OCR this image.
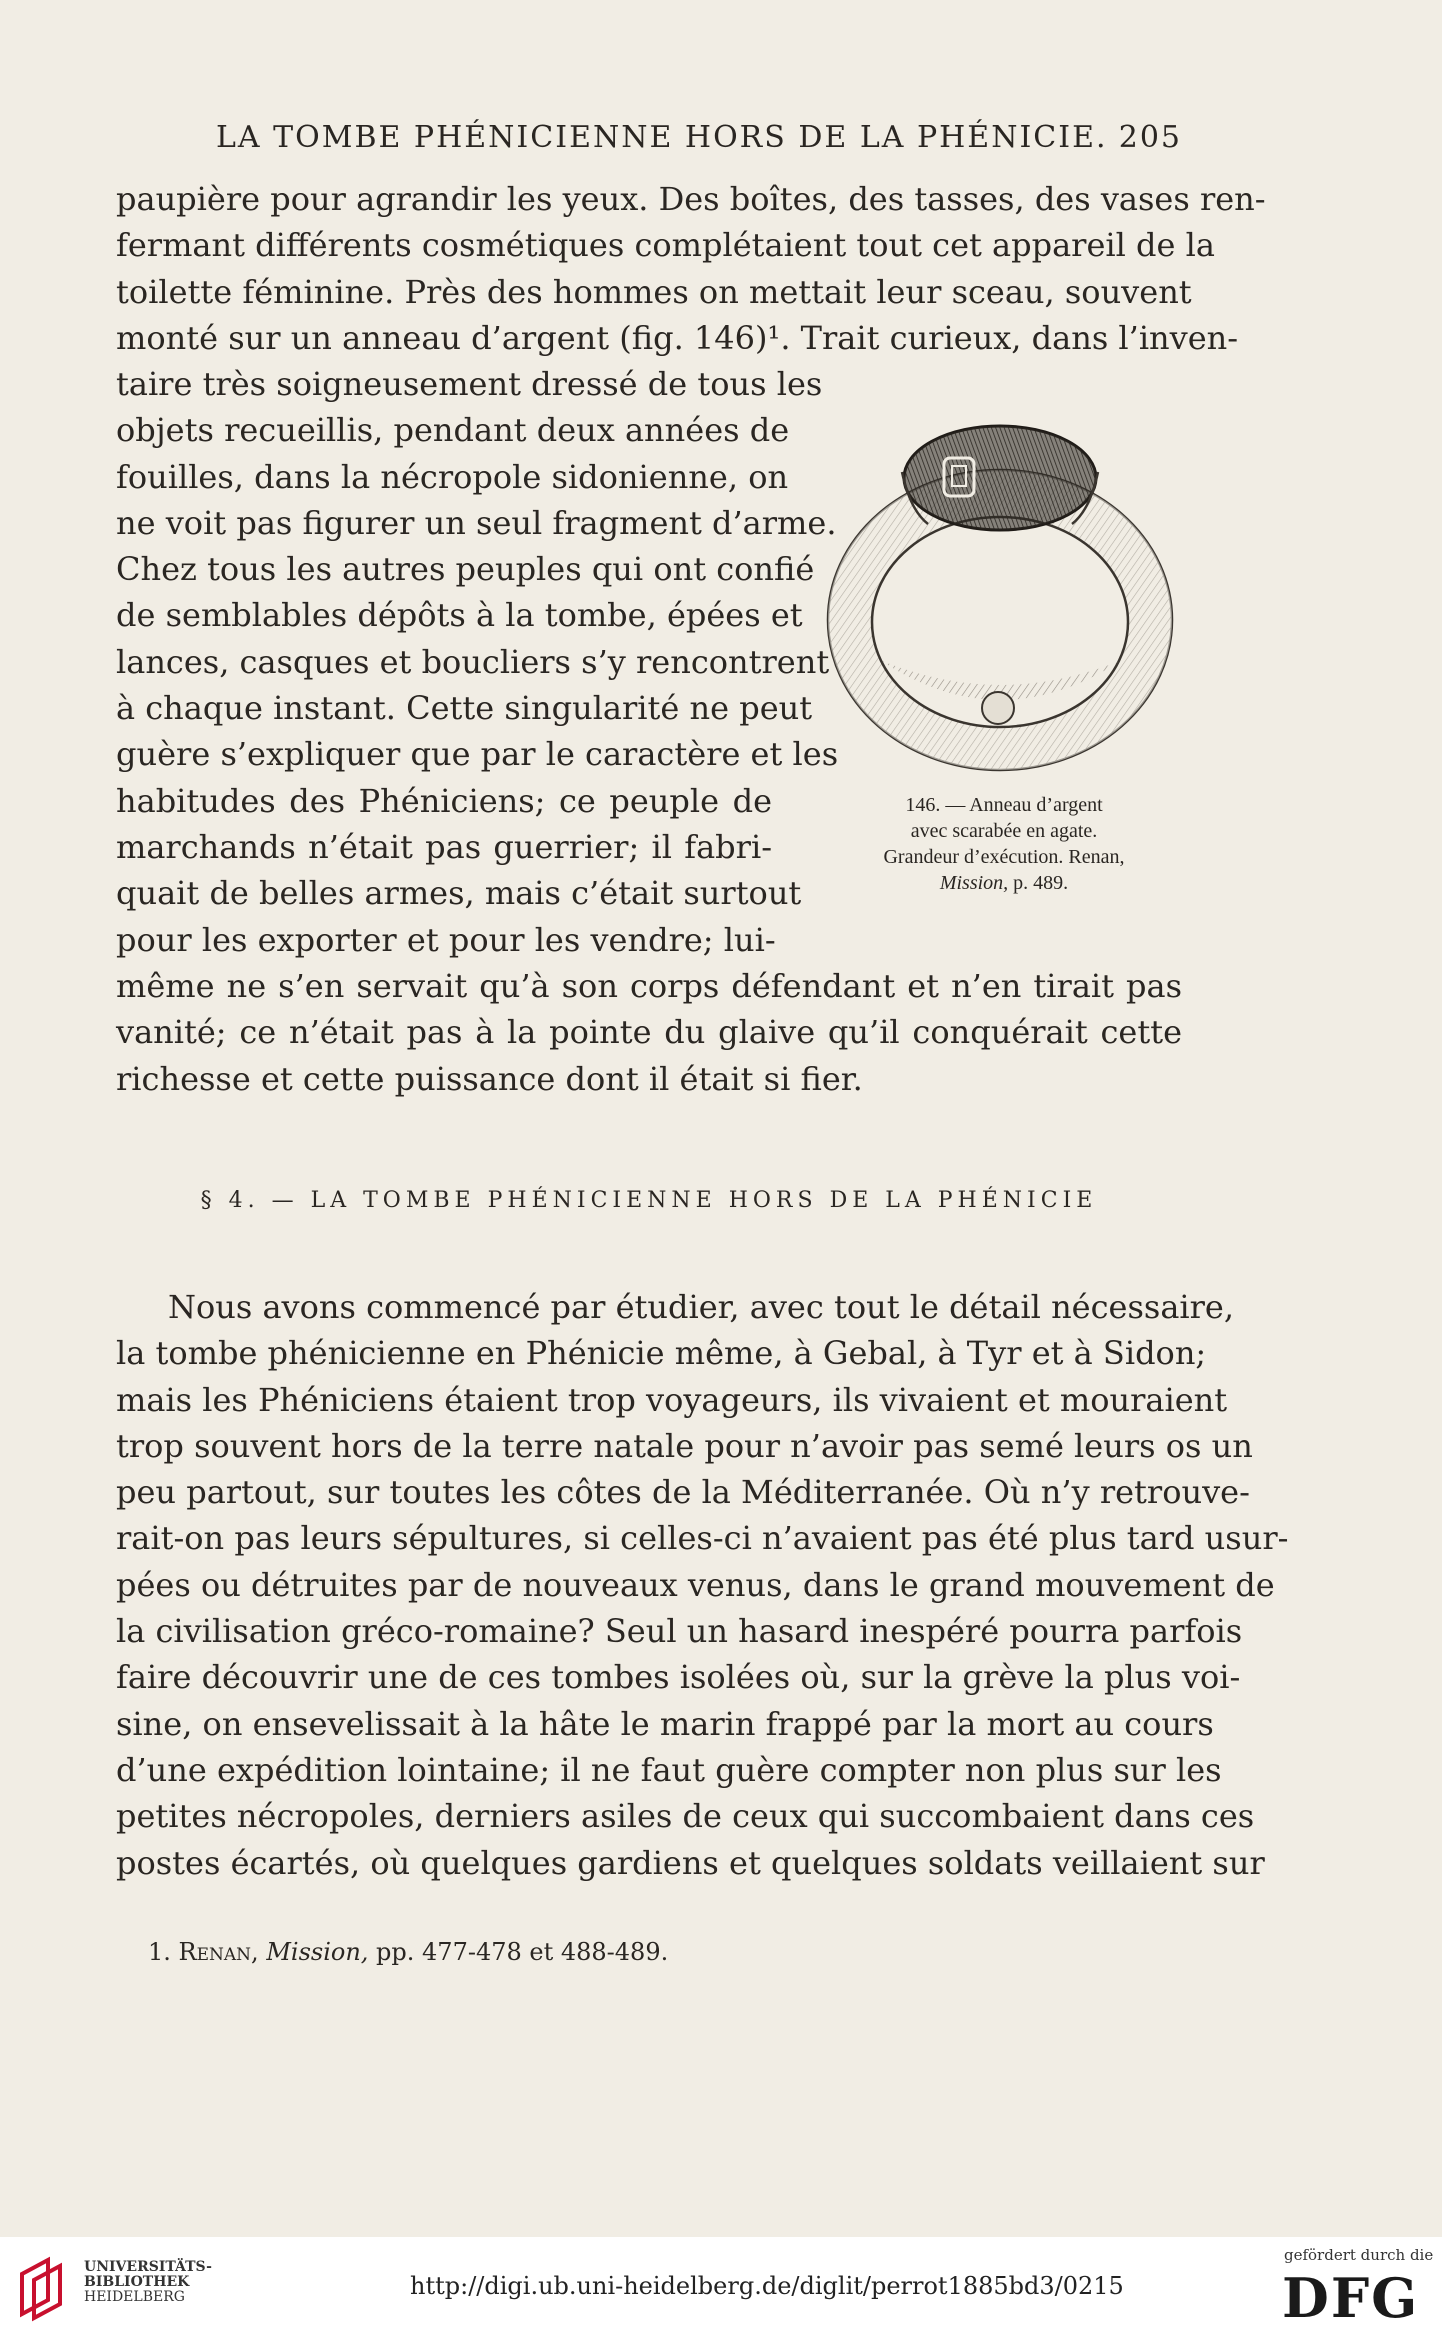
LA TOMBE PHÉNICIENNE HORS DE LA PHÉNICIE. 205
paupière pour agrandir les yeux. Des boîtes, des tasses, des vases ren-
fermant différents cosmétiques complétaient tout cet appareil de la
toilette féminine. Près des hommes on mettait leur sceau, souvent
monté sur un anneau d’argent (fig. 146)¹. Trait curieux, dans l’inven-
taire très soigneusement dressé de tous les
objets recueillis, pendant deux années de
fouilles, dans la nécropole sidonienne, on
ne voit pas figurer un seul fragment d’arme.
Chez tous les autres peuples qui ont confié
de semblables dépôts à la tombe, épées et
lances, casques et boucliers s’y rencontrent
à chaque instant. Cette singularité ne peut
guère s’expliquer que par le caractère et les
habitudes des Phéniciens; ce peuple de
marchands n’était pas guerrier; il fabri-
quait de belles armes, mais c’était surtout
pour les exporter et pour les vendre; lui-
même ne s’en servait qu’à son corps défendant et n’en tirait pas
vanité; ce n’était pas à la pointe du glaive qu’il conquérait cette
richesse et cette puissance dont il était si fier.
146. — Anneau d’argent
avec scarabée en agate.
Grandeur d’exécution. Renan,
Mission, p. 489.
§ 4. — LA TOMBE PHÉNICIENNE HORS DE LA PHÉNICIE
Nous avons commencé par étudier, avec tout le détail nécessaire,
la tombe phénicienne en Phénicie même, à Gebal, à Tyr et à Sidon;
mais les Phéniciens étaient trop voyageurs, ils vivaient et mouraient
trop souvent hors de la terre natale pour n’avoir pas semé leurs os un
peu partout, sur toutes les côtes de la Méditerranée. Où n’y retrouve-
rait-on pas leurs sépultures, si celles-ci n’avaient pas été plus tard usur-
pées ou détruites par de nouveaux venus, dans le grand mouvement de
la civilisation gréco-romaine? Seul un hasard inespéré pourra parfois
faire découvrir une de ces tombes isolées où, sur la grève la plus voi-
sine, on ensevelissait à la hâte le marin frappé par la mort au cours
d’une expédition lointaine; il ne faut guère compter non plus sur les
petites nécropoles, derniers asiles de ceux qui succombaient dans ces
postes écartés, où quelques gardiens et quelques soldats veillaient sur
1. Renan, Mission, pp. 477-478 et 488-489.
UNIVERSITÄTS-
BIBLIOTHEK
HEIDELBERG	http://digi.ub.uni-heidelberg.de/diglit/perrot1885bd3/0215
gefördert durch die
DFG
